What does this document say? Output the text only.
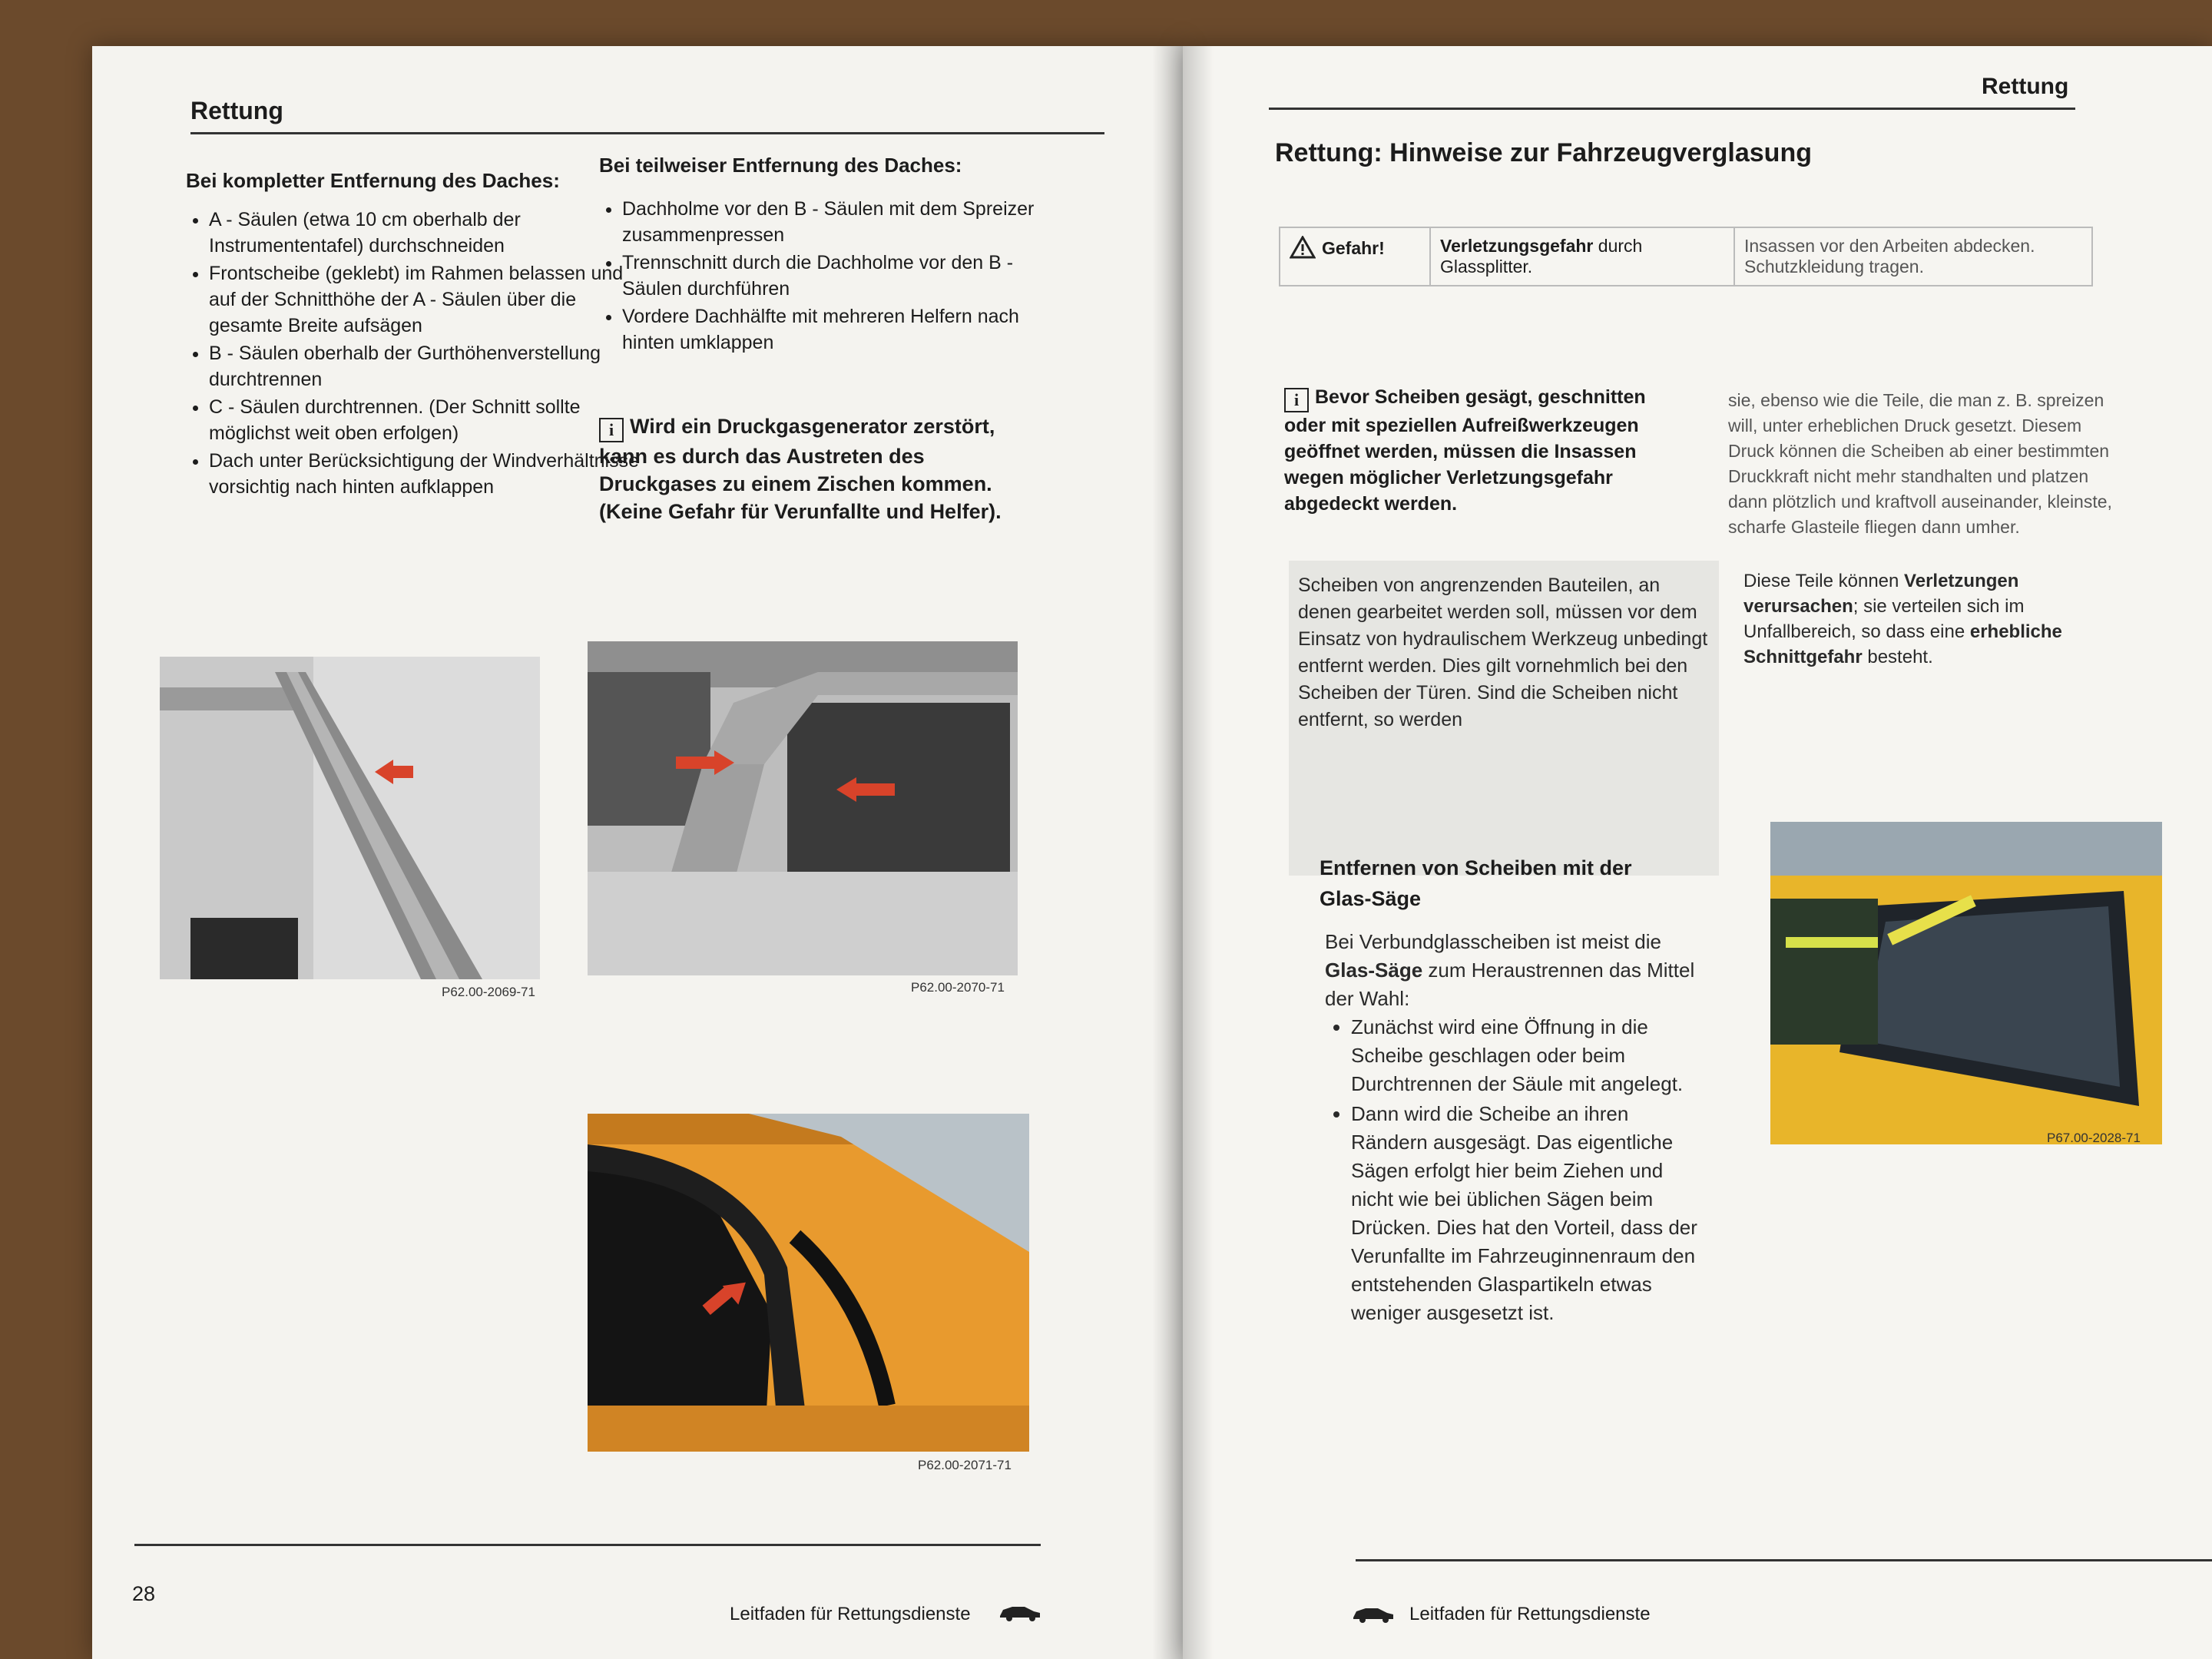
Rettung
Bei kompletter Entfernung des Daches:
• A - Säulen (etwa 10 cm oberhalb der Instrumententafel) durchschneiden
• Frontscheibe (geklebt) im Rahmen belassen und auf der Schnitthöhe der A - Säulen über die gesamte Breite aufsägen
• B - Säulen oberhalb der Gurthöhenverstellung durchtrennen
• C - Säulen durchtrennen. (Der Schnitt sollte möglichst weit oben erfolgen)
• Dach unter Berücksichtigung der Windverhältnisse vorsichtig nach hinten aufklappen
Bei teilweiser Entfernung des Daches:
• Dachholme vor den B - Säulen mit dem Spreizer zusammenpressen
• Trennschnitt durch die Dachholme vor den B - Säulen durchführen
• Vordere Dachhälfte mit mehreren Helfern nach hinten umklappen
i Wird ein Druckgasgenerator zerstört, kann es durch das Austreten des Druckgases zu einem Zischen kommen. (Keine Gefahr für Verunfallte und Helfer).
P62.00-2069-71	P62.00-2070-71
P62.00-2071-71
28
Leitfaden für Rettungsdienste
Rettung
Rettung: Hinweise zur Fahrzeugverglasung
Gefahr!	Verletzungsgefahr durch Glassplitter.	Insassen vor den Arbeiten abdecken. Schutzkleidung tragen.
i Bevor Scheiben gesägt, geschnitten oder mit speziellen Aufreißwerkzeugen geöffnet werden, müssen die Insassen wegen möglicher Verletzungsgefahr abgedeckt werden.
Scheiben von angrenzenden Bauteilen, an denen gearbeitet werden soll, müssen vor dem Einsatz von hydraulischem Werkzeug unbedingt entfernt werden. Dies gilt vornehmlich bei den Scheiben der Türen. Sind die Scheiben nicht entfernt, so werden
sie, ebenso wie die Teile, die man z. B. spreizen will, unter erheblichen Druck gesetzt. Diesem Druck können die Scheiben ab einer bestimmten Druckkraft nicht mehr standhalten und platzen dann plötzlich und kraftvoll auseinander, kleinste, scharfe Glasteile fliegen dann umher.
Diese Teile können Verletzungen verursachen; sie verteilen sich im Unfallbereich, so dass eine erhebliche Schnittgefahr besteht.
Entfernen von Scheiben mit der Glas-Säge
Bei Verbundglasscheiben ist meist die Glas-Säge zum Heraustrennen das Mittel der Wahl:
• Zunächst wird eine Öffnung in die Scheibe geschlagen oder beim Durchtrennen der Säule mit angelegt.
• Dann wird die Scheibe an ihren Rändern ausgesägt. Das eigentliche Sägen erfolgt hier beim Ziehen und nicht wie bei üblichen Sägen beim Drücken. Dies hat den Vorteil, dass der Verunfallte im Fahrzeuginnenraum den entstehenden Glaspartikeln etwas weniger ausgesetzt ist.
P67.00-2028-71
Leitfaden für Rettungsdienste
